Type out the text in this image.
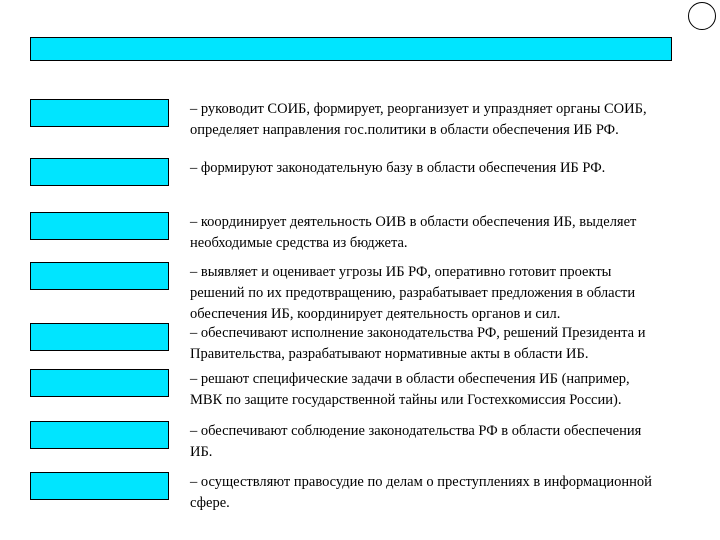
– руководит СОИБ, формирует, реорганизует и упраздняет органы СОИБ,
определяет направления гос.политики в области обеспечения ИБ РФ.
– формируют законодательную базу в области обеспечения ИБ РФ.
– координирует деятельность ОИВ в области обеспечения ИБ, выделяет
необходимые средства из бюджета.
– выявляет и оценивает угрозы ИБ РФ, оперативно готовит проекты
решений по их предотвращению, разрабатывает предложения в области
обеспечения ИБ, координирует деятельность органов и сил.
– обеспечивают исполнение законодательства РФ, решений Президента и
Правительства, разрабатывают нормативные акты в области ИБ.
– решают специфические задачи в области обеспечения ИБ (например,
МВК по защите государственной тайны или Гостехкомиссия России).
– обеспечивают соблюдение законодательства РФ в области обеспечения
ИБ.
– осуществляют правосудие по делам о преступлениях в информационной
сфере.
